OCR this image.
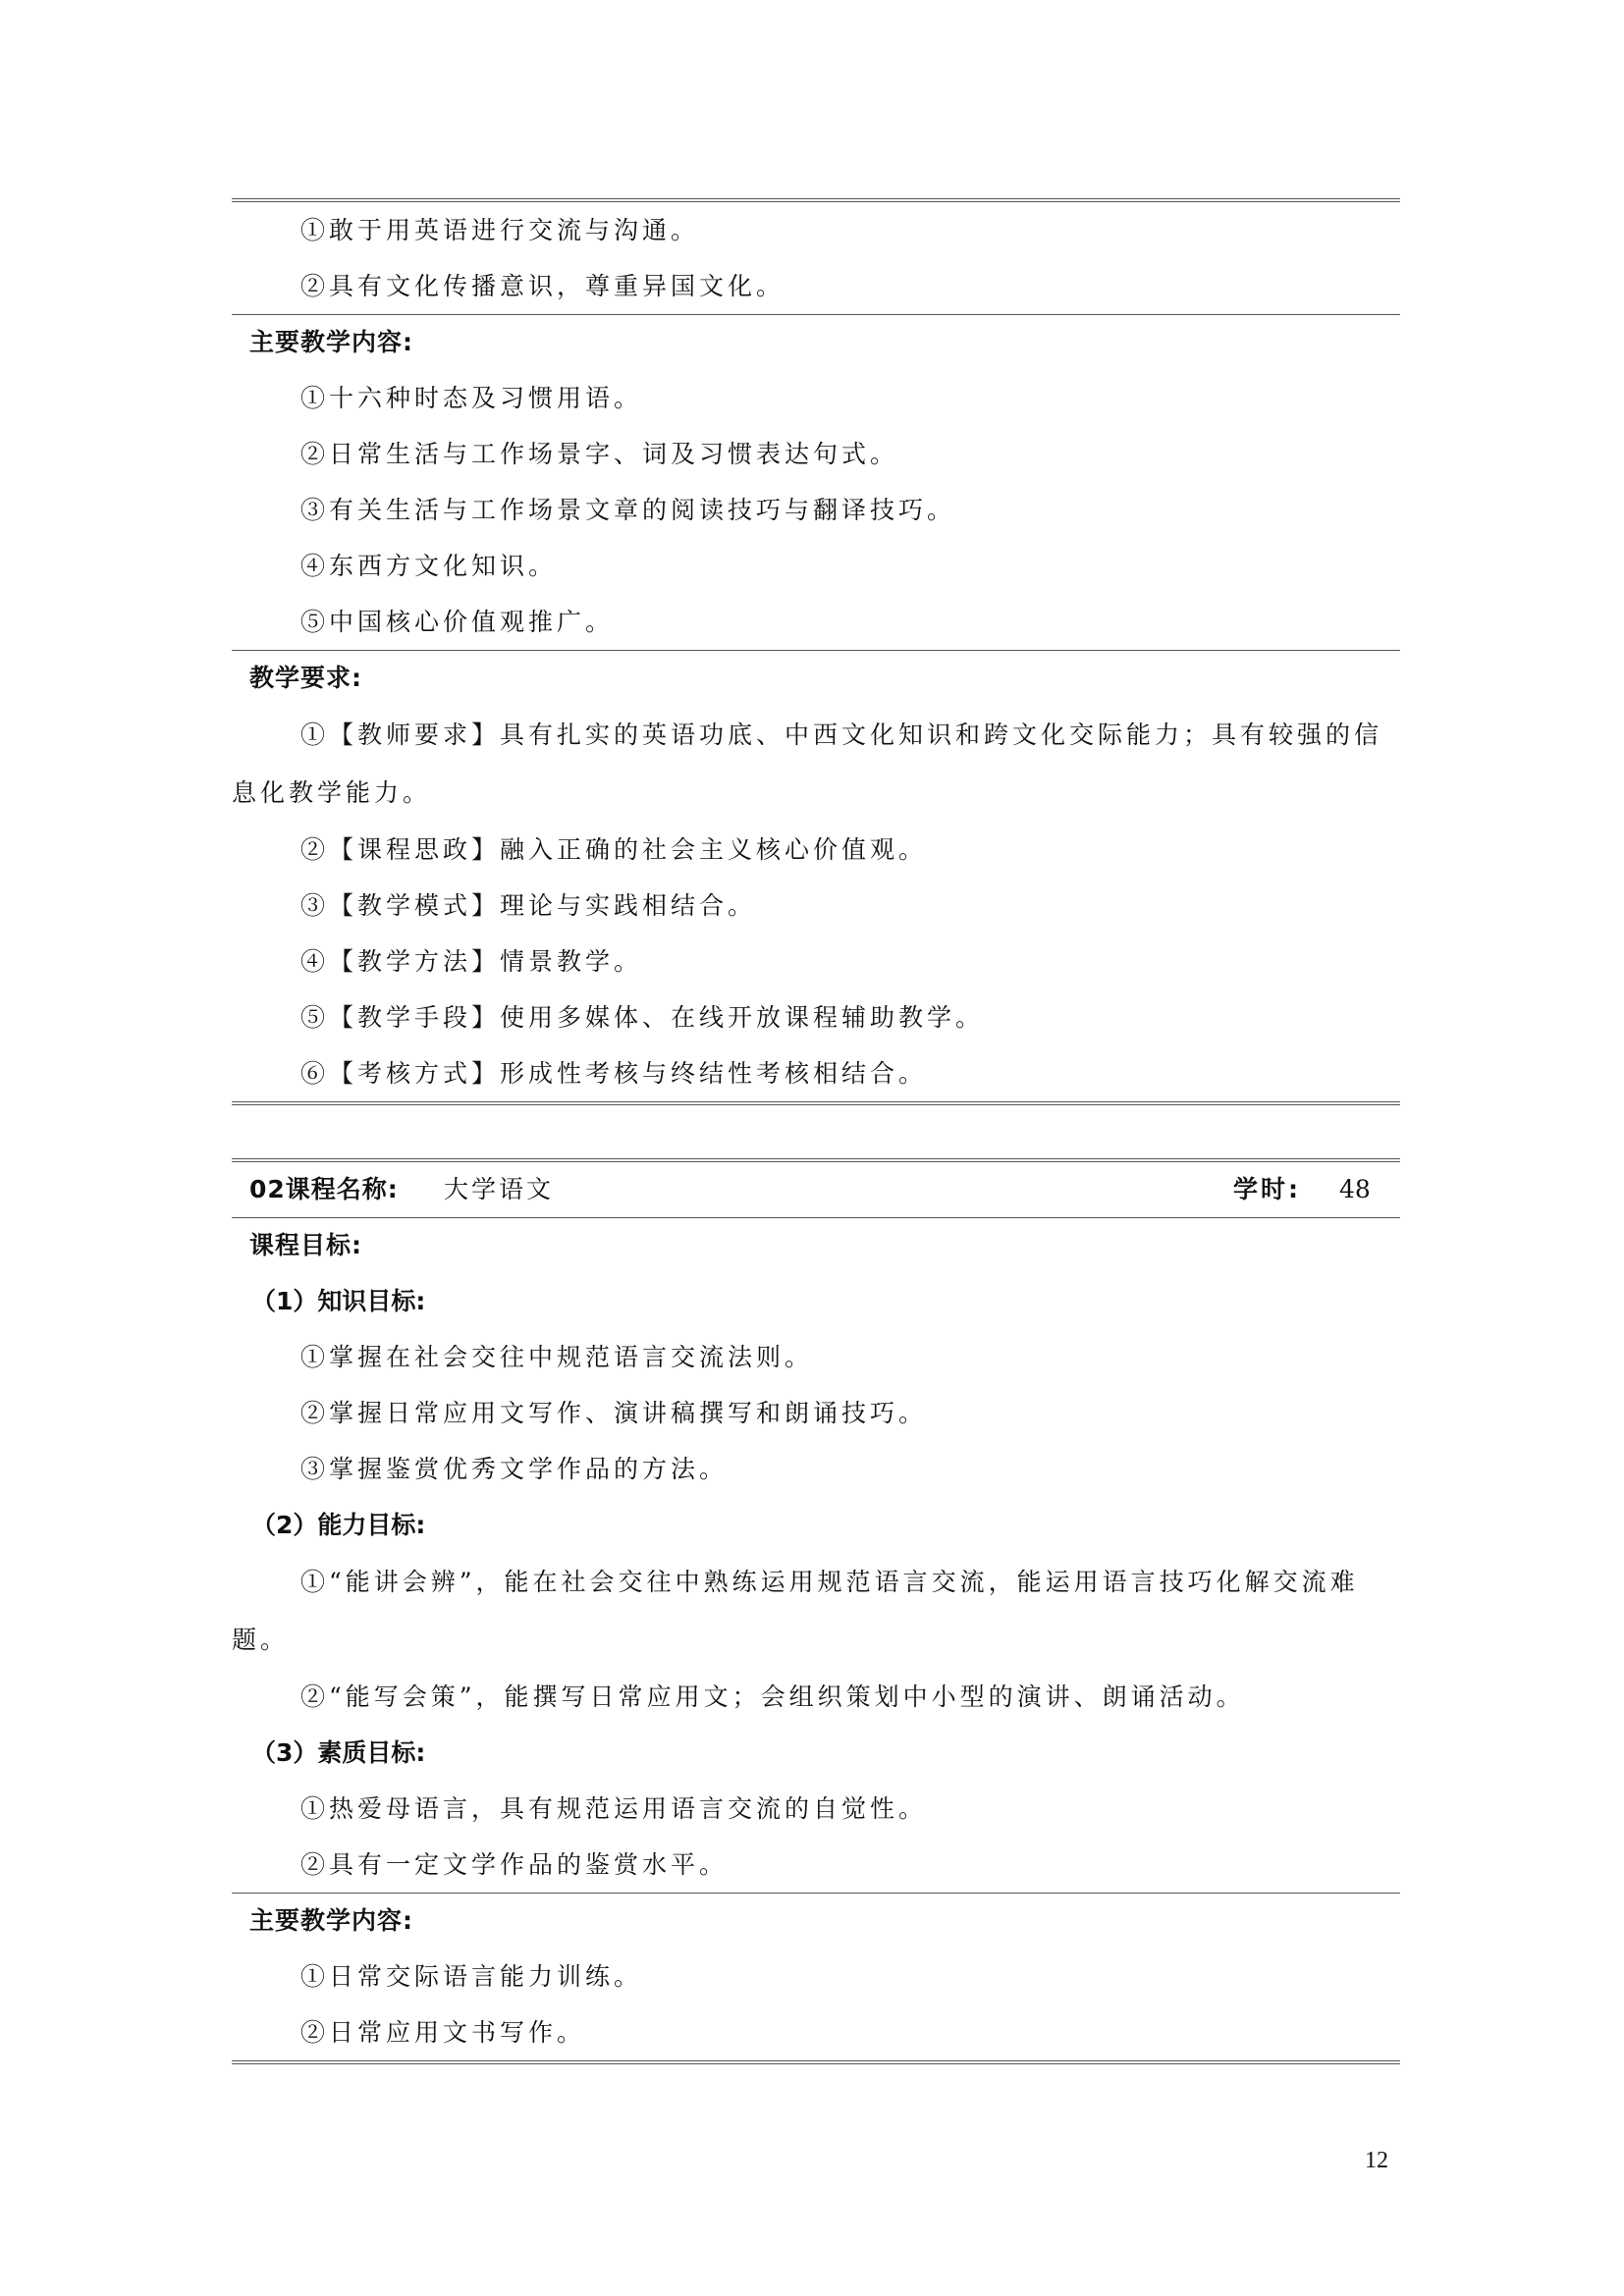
①敢于用英语进行交流与沟通。
②具有文化传播意识，尊重异国文化。
主要教学内容:
①十六种时态及习惯用语。
②日常生活与工作场景字、词及习惯表达句式。
③有关生活与工作场景文章的阅读技巧与翻译技巧。
④东西方文化知识。
⑤中国核心价值观推广。
教学要求:
①【教师要求】具有扎实的英语功底、中西文化知识和跨文化交际能力；具有较强的信息化教学能力。
②【课程思政】融入正确的社会主义核心价值观。
③【教学模式】理论与实践相结合。
④【教学方法】情景教学。
⑤【教学手段】使用多媒体、在线开放课程辅助教学。
⑥【考核方式】形成性考核与终结性考核相结合。
02课程名称: 大学语文	学时: 48
课程目标:
（1）知识目标:
①掌握在社会交往中规范语言交流法则。
②掌握日常应用文写作、演讲稿撰写和朗诵技巧。
③掌握鉴赏优秀文学作品的方法。
（2）能力目标:
①“能讲会辨”，能在社会交往中熟练运用规范语言交流，能运用语言技巧化解交流难题。
②“能写会策”，能撰写日常应用文；会组织策划中小型的演讲、朗诵活动。
（3）素质目标:
①热爱母语言，具有规范运用语言交流的自觉性。
②具有一定文学作品的鉴赏水平。
主要教学内容:
①日常交际语言能力训练。
②日常应用文书写作。
12
